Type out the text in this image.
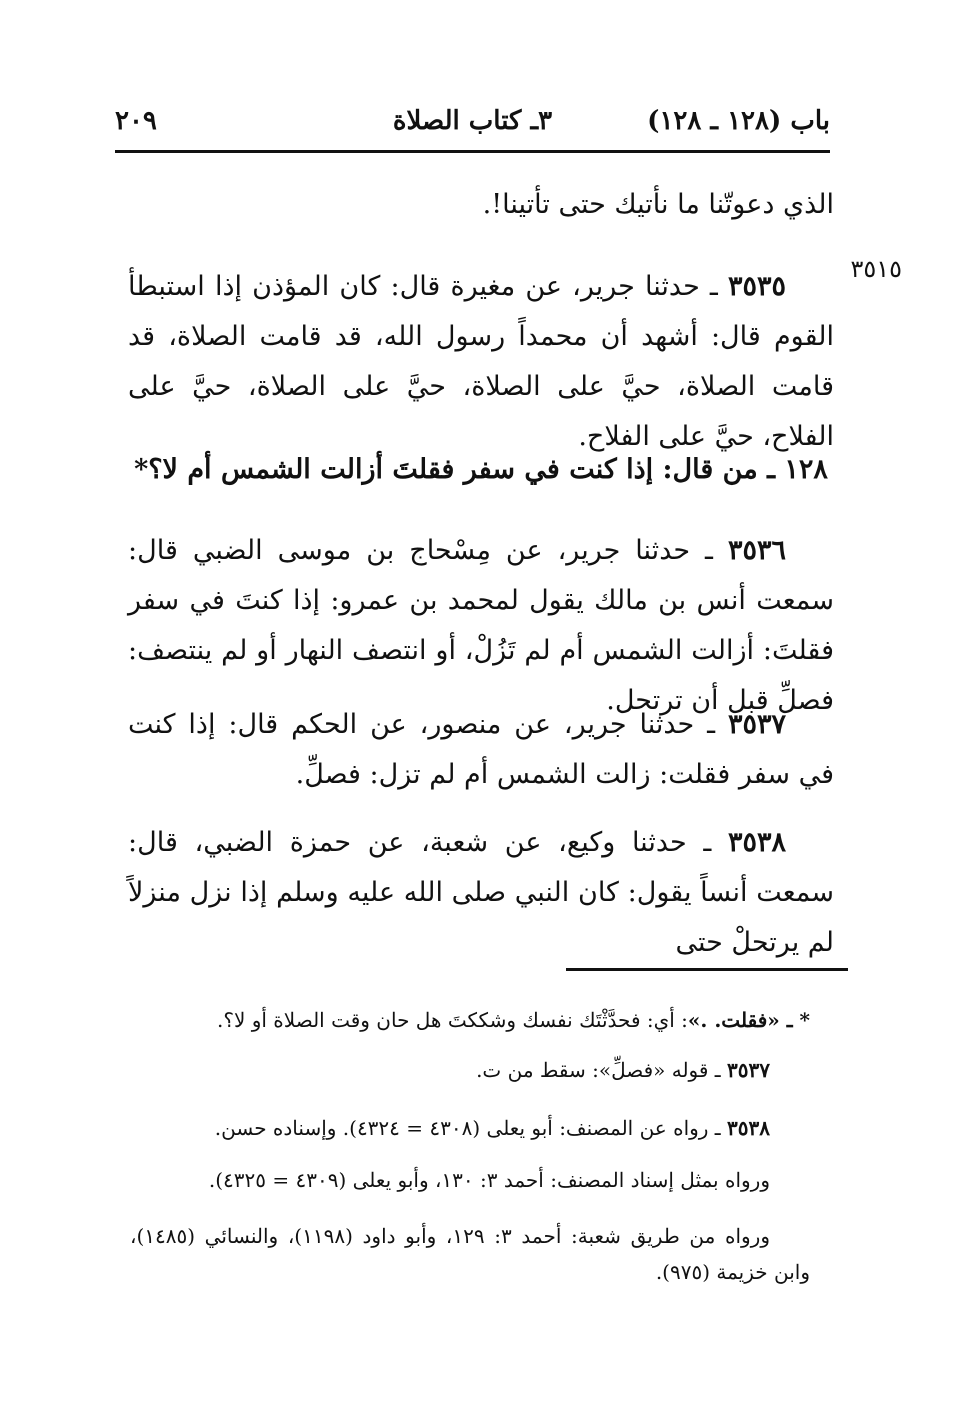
باب (١٢٨ ـ ١٢٨)
٣ـ كتاب الصلاة
٢٠٩
الذي دعوتّنا ما نأتيك حتى تأتينا!.
٣٥١٥
٣٥٣٥ ـ حدثنا جرير، عن مغيرة قال: كان المؤذن إذا استبطأ القوم قال: أشهد أن محمداً رسول الله، قد قامت الصلاة، قد قامت الصلاة، حيَّ على الصلاة، حيَّ على الصلاة، حيَّ على الفلاح، حيَّ على الفلاح.
١٢٨ ـ من قال: إذا كنت في سفر فقلتَ أزالت الشمس أم لا؟*
٣٥٣٦ ـ حدثنا جرير، عن مِسْحاج بن موسى الضبي قال: سمعت أنس بن مالك يقول لمحمد بن عمرو: إذا كنتَ في سفر فقلتَ: أزالت الشمس أم لم تَزُلْ، أو انتصف النهار أو لم ينتصف: فصلِّ قبل أن ترتحل.
٣٥٣٧ ـ حدثنا جرير، عن منصور، عن الحكم قال: إذا كنت في سفر فقلت: زالت الشمس أم لم تزل: فصلِّ.
٣٥٣٨ ـ حدثنا وكيع، عن شعبة، عن حمزة الضبي، قال: سمعت أنساً يقول: كان النبي صلى الله عليه وسلم إذا نزل منزلاً لم يرتحلْ حتى
* ـ «فقلت. .»: أي: فحدَّثْتَك نفسك وشككتَ هل حان وقت الصلاة أو لا؟.
٣٥٣٧ ـ قوله «فصلِّ»: سقط من ت.
٣٥٣٨ ـ رواه عن المصنف: أبو يعلى (٤٣٠٨ = ٤٣٢٤). وإسناده حسن.
ورواه بمثل إسناد المصنف: أحمد ٣: ١٣٠، وأبو يعلى (٤٣٠٩ = ٤٣٢٥).
ورواه من طريق شعبة: أحمد ٣: ١٢٩، وأبو داود (١١٩٨)، والنسائي (١٤٨٥)، وابن خزيمة (٩٧٥).
